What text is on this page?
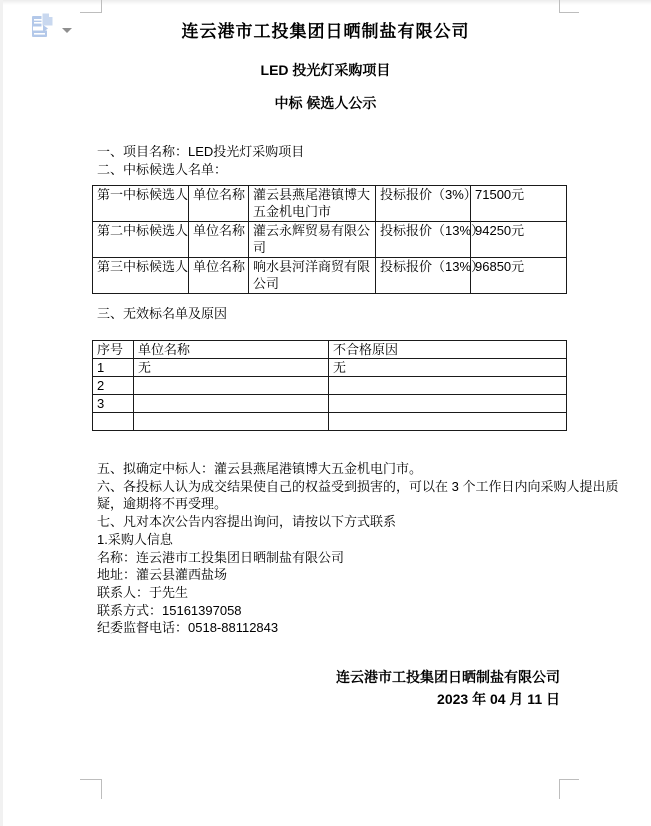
连云港市工投集团日晒制盐有限公司
LED 投光灯采购项目
中标 候选人公示
一、项目名称：LED投光灯采购项目
二、中标候选人名单：
第一中标候选人	单位名称	灌云县燕尾港镇博大五金机电门市	投标报价（3%）	71500元
第二中标候选人	单位名称	灌云永辉贸易有限公司	投标报价（13%）	94250元
第三中标候选人	单位名称	响水县河洋商贸有限公司	投标报价（13%）	96850元
三、无效标名单及原因
序号	单位名称	不合格原因
1	无	无
2		
3		

五、拟确定中标人：灌云县燕尾港镇博大五金机电门市。
六、各投标人认为成交结果使自己的权益受到损害的，可以在 3 个工作日内向采购人提出质
疑，逾期将不再受理。
七、凡对本次公告内容提出询问，请按以下方式联系
1.采购人信息
名称：连云港市工投集团日晒制盐有限公司
地址：灌云县灌西盐场
联系人：于先生
联系方式：15161397058
纪委监督电话：0518-88112843
连云港市工投集团日晒制盐有限公司
2023 年 04 月 11 日
